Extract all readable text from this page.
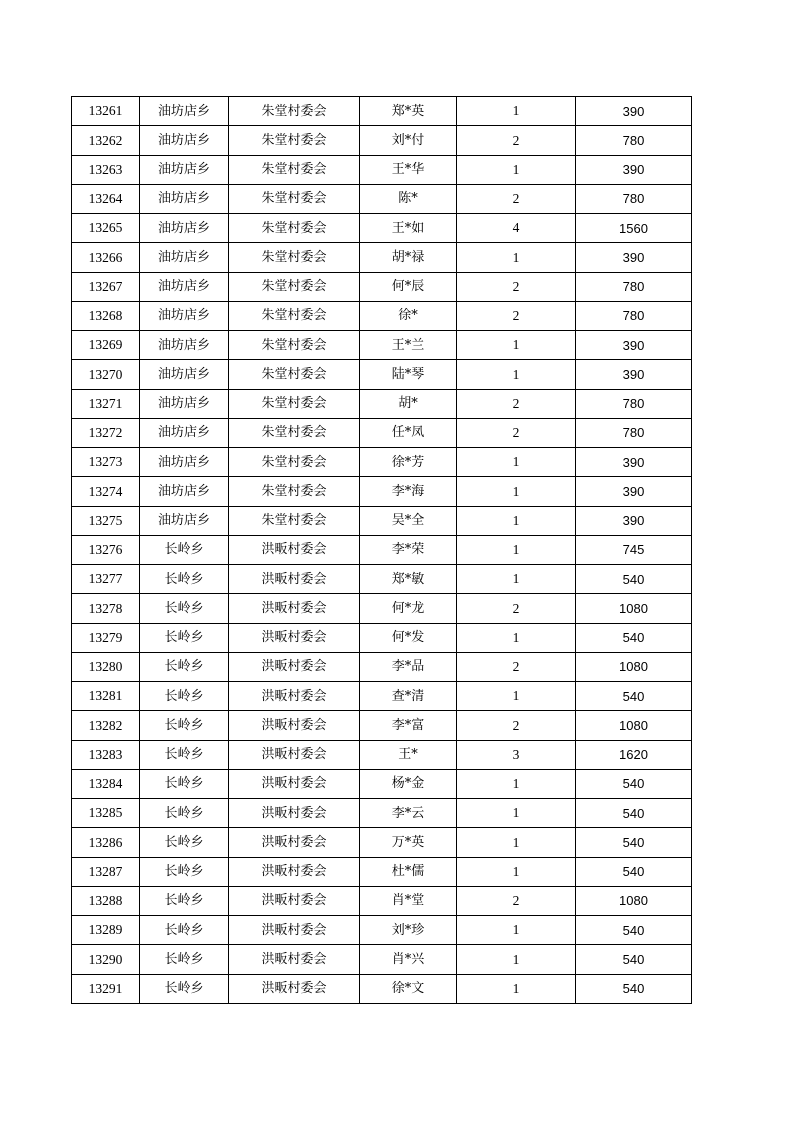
13261	油坊店乡	朱堂村委会	郑*英	1	390
13262	油坊店乡	朱堂村委会	刘*付	2	780
13263	油坊店乡	朱堂村委会	王*华	1	390
13264	油坊店乡	朱堂村委会	陈*	2	780
13265	油坊店乡	朱堂村委会	王*如	4	1560
13266	油坊店乡	朱堂村委会	胡*禄	1	390
13267	油坊店乡	朱堂村委会	何*辰	2	780
13268	油坊店乡	朱堂村委会	徐*	2	780
13269	油坊店乡	朱堂村委会	王*兰	1	390
13270	油坊店乡	朱堂村委会	陆*琴	1	390
13271	油坊店乡	朱堂村委会	胡*	2	780
13272	油坊店乡	朱堂村委会	任*凤	2	780
13273	油坊店乡	朱堂村委会	徐*芳	1	390
13274	油坊店乡	朱堂村委会	李*海	1	390
13275	油坊店乡	朱堂村委会	吴*全	1	390
13276	长岭乡	洪畈村委会	李*荣	1	745
13277	长岭乡	洪畈村委会	郑*敏	1	540
13278	长岭乡	洪畈村委会	何*龙	2	1080
13279	长岭乡	洪畈村委会	何*发	1	540
13280	长岭乡	洪畈村委会	李*品	2	1080
13281	长岭乡	洪畈村委会	查*清	1	540
13282	长岭乡	洪畈村委会	李*富	2	1080
13283	长岭乡	洪畈村委会	王*	3	1620
13284	长岭乡	洪畈村委会	杨*金	1	540
13285	长岭乡	洪畈村委会	李*云	1	540
13286	长岭乡	洪畈村委会	万*英	1	540
13287	长岭乡	洪畈村委会	杜*儒	1	540
13288	长岭乡	洪畈村委会	肖*堂	2	1080
13289	长岭乡	洪畈村委会	刘*珍	1	540
13290	长岭乡	洪畈村委会	肖*兴	1	540
13291	长岭乡	洪畈村委会	徐*文	1	540
